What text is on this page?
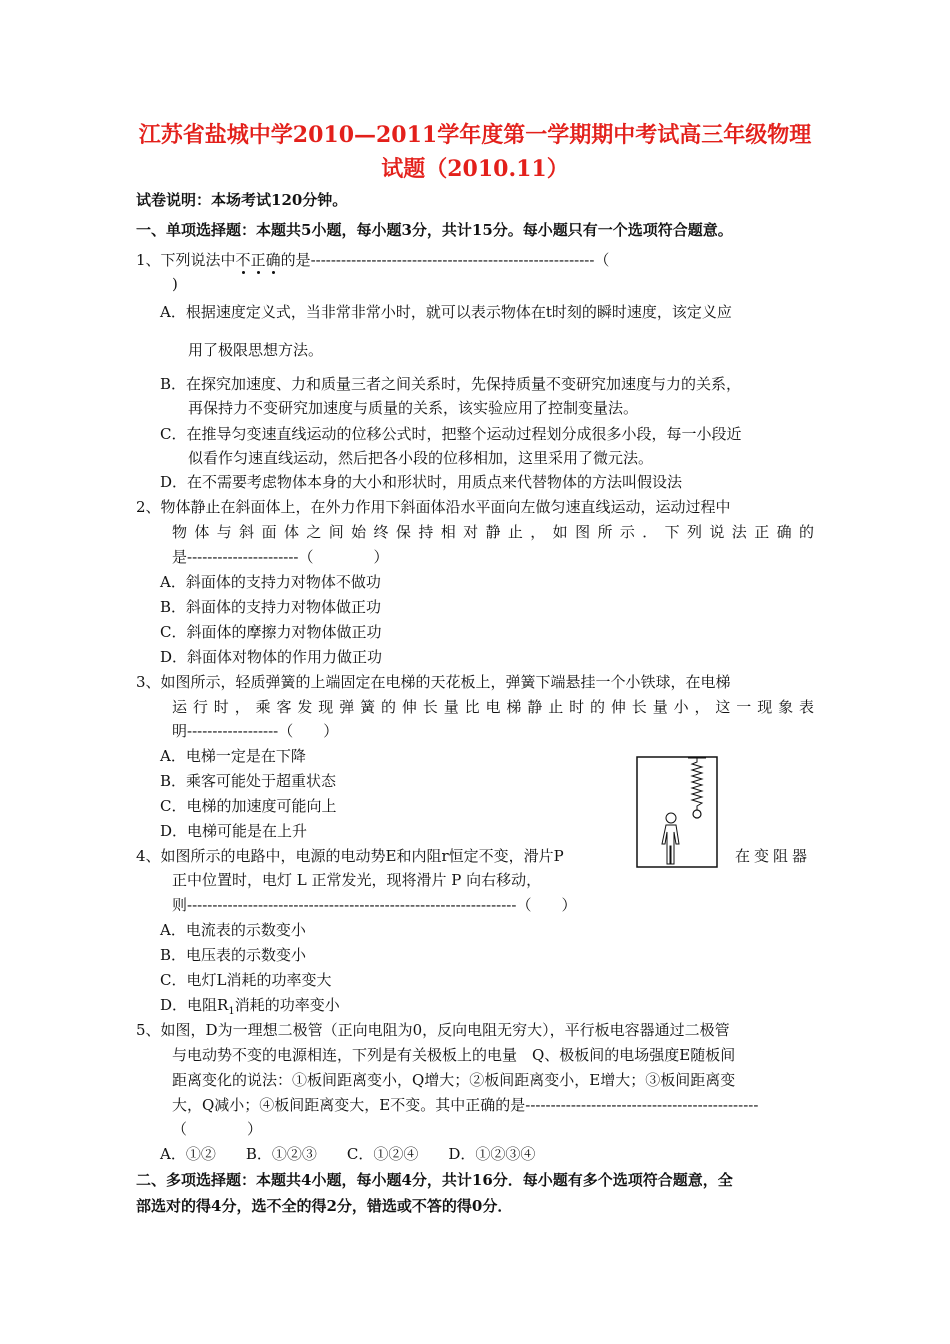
江苏省盐城中学2010—2011学年度第一学期期中考试高三年级物理
试题（2010.11）
试卷说明：本场考试120分钟。
一、单项选择题：本题共5小题，每小题3分，共计15分。每小题只有一个选项符合题意。
1、下列说法中不正确的是--------------------------------------------------------（
)
A．根据速度定义式，当非常非常小时，就可以表示物体在t时刻的瞬时速度，该定义应
用了极限思想方法。
B．在探究加速度、力和质量三者之间关系时，先保持质量不变研究加速度与力的关系，
再保持力不变研究加速度与质量的关系，该实验应用了控制变量法。
C．在推导匀变速直线运动的位移公式时，把整个运动过程划分成很多小段，每一小段近
似看作匀速直线运动，然后把各小段的位移相加，这里采用了微元法。
D．在不需要考虑物体本身的大小和形状时，用质点来代替物体的方法叫假设法
2、物体静止在斜面体上，在外力作用下斜面体沿水平面向左做匀速直线运动，运动过程中
物体与斜面体之间始终保持相对静止，如图所示．下列说法正确的
是----------------------（　　　　）
A．斜面体的支持力对物体不做功
B．斜面体的支持力对物体做正功
C．斜面体的摩擦力对物体做正功
D．斜面体对物体的作用力做正功
3、如图所示，轻质弹簧的上端固定在电梯的天花板上，弹簧下端悬挂一个小铁球，在电梯
运行时，乘客发现弹簧的伸长量比电梯静止时的伸长量小，这一现象表
明------------------（　　）
A．电梯一定是在下降
B．乘客可能处于超重状态
C．电梯的加速度可能向上
D．电梯可能是在上升
4、如图所示的电路中，电源的电动势E和内阻r恒定不变，滑片P	在变阻器
正中位置时，电灯 L 正常发光，现将滑片 P 向右移动，
则-----------------------------------------------------------------（　　）
A．电流表的示数变小
B．电压表的示数变小
C．电灯L消耗的功率变大
D．电阻$R_1$消耗的功率变小
5、如图，D为一理想二极管（正向电阻为0，反向电阻无穷大），平行板电容器通过二极管
与电动势不变的电源相连，下列是有关极板上的电量　Q、极板间的电场强度E随板间
距离变化的说法：①板间距离变小，Q增大；②板间距离变小，E增大；③板间距离变
大，Q减小；④板间距离变大，E不变。其中正确的是----------------------------------------------
（　　　　）
A．①②　　B．①②③　　C．①②④　　D．①②③④
二、多项选择题：本题共4小题，每小题4分，共计16分．每小题有多个选项符合题意，全
部选对的得4分，选不全的得2分，错选或不答的得0分．
